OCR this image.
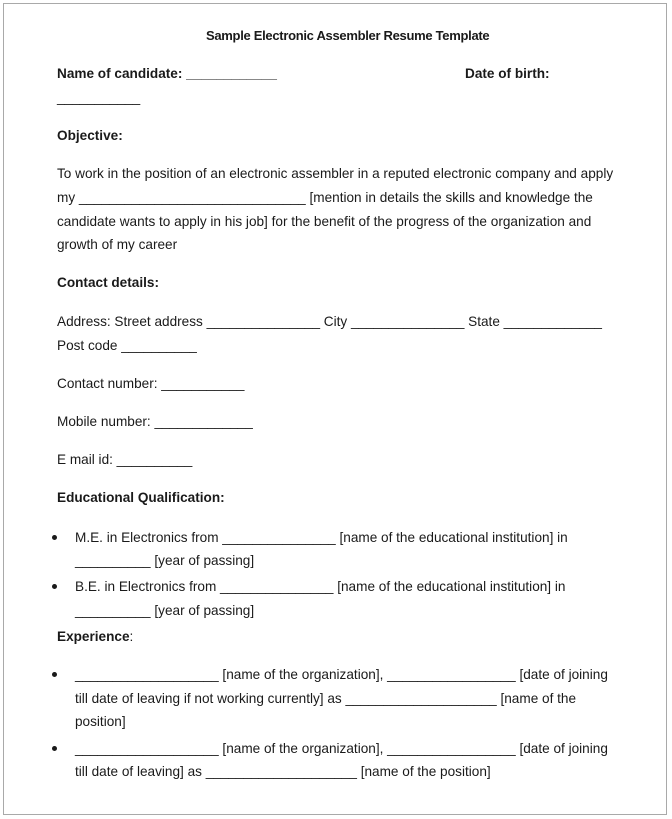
Sample Electronic Assembler Resume Template
Name of candidate: ____________	Date of birth:
___________
Objective:
To work in the position of an electronic assembler in a reputed electronic company and apply
my ______________________________ [mention in details the skills and knowledge the
candidate wants to apply in his job] for the benefit of the progress of the organization and
growth of my career
Contact details:
Address: Street address _______________ City _______________ State _____________
Post code __________
Contact number: ___________
Mobile number: _____________
E mail id: __________
Educational Qualification:
M.E. in Electronics from _______________ [name of the educational institution] in
__________ [year of passing]
B.E. in Electronics from _______________ [name of the educational institution] in
__________ [year of passing]
Experience:
___________________ [name of the organization], _________________ [date of joining
till date of leaving if not working currently] as ____________________ [name of the
position]
___________________ [name of the organization], _________________ [date of joining
till date of leaving] as ____________________ [name of the position]
